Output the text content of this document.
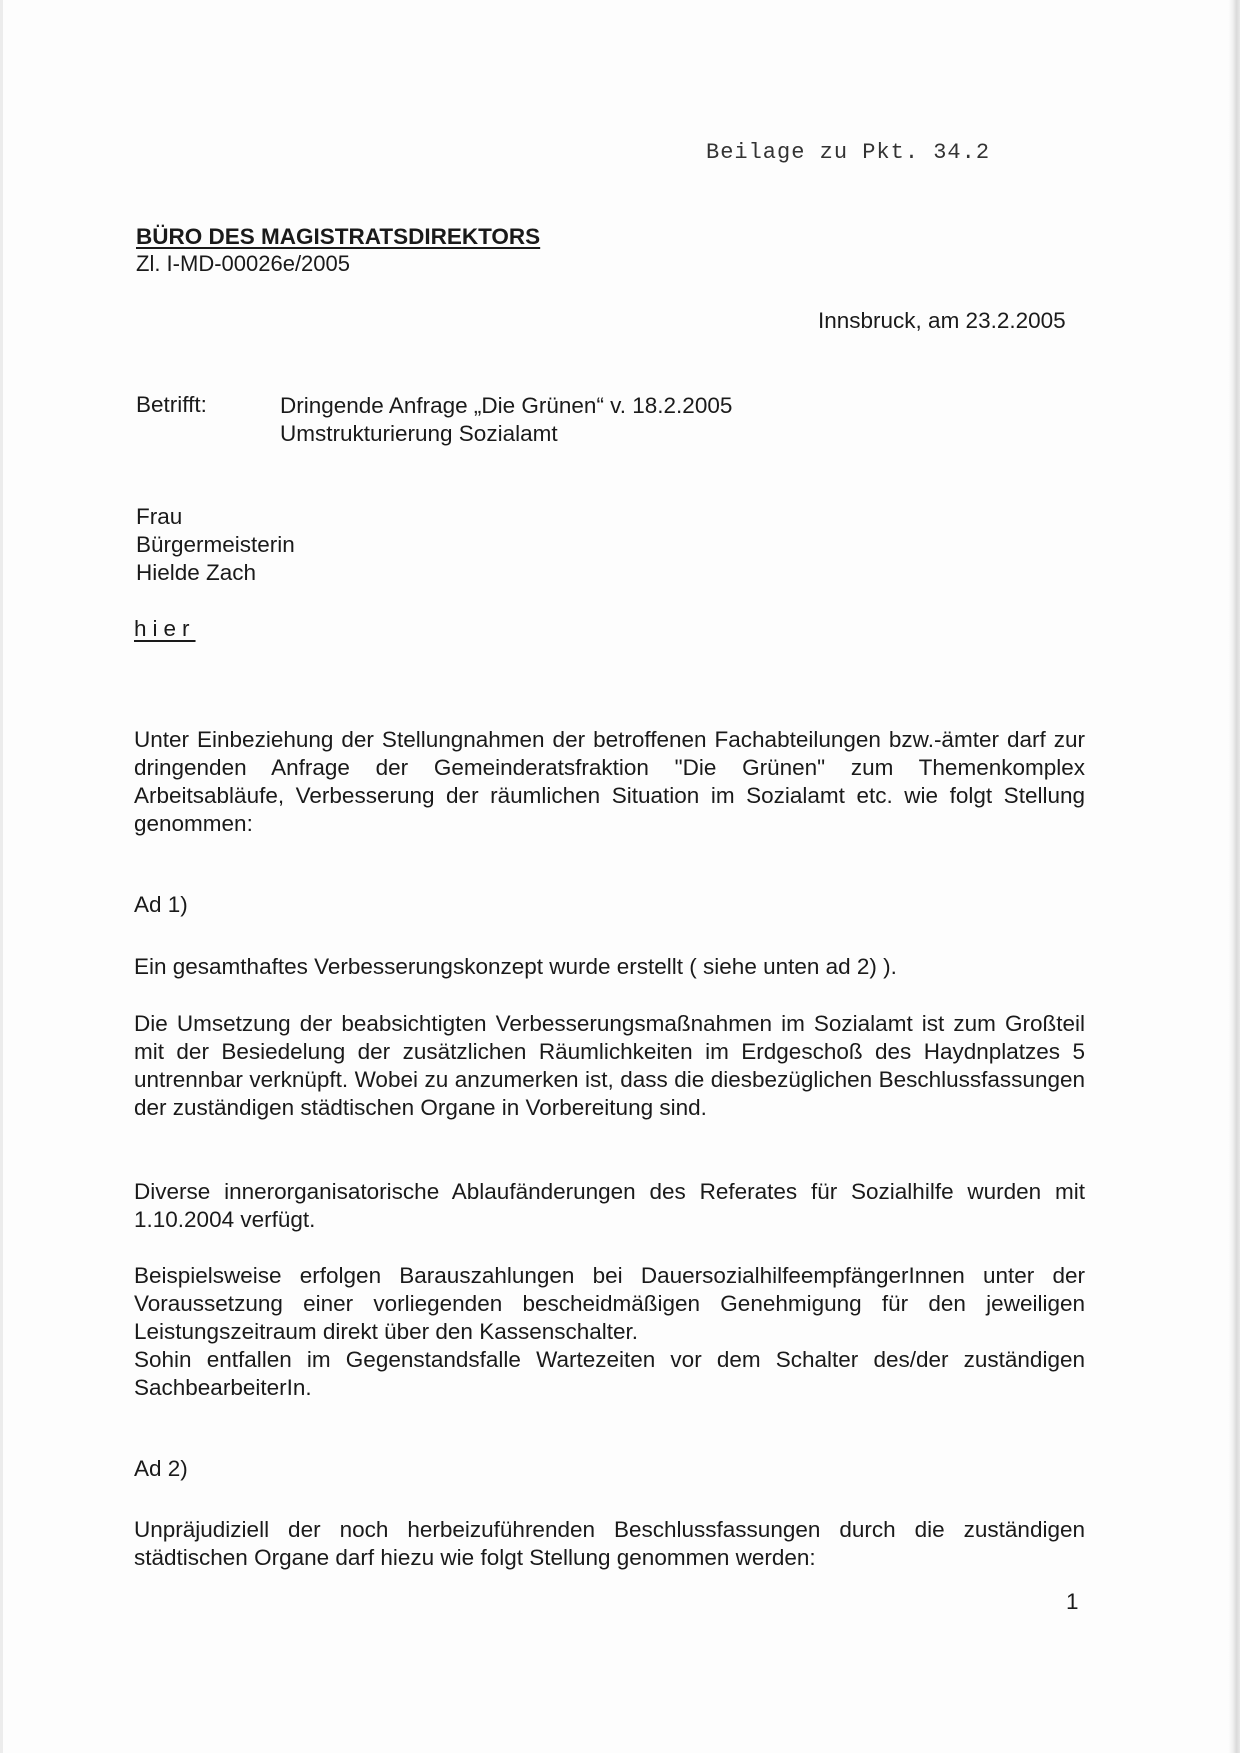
Beilage zu Pkt. 34.2
BÜRO DES MAGISTRATSDIREKTORS
Zl. I-MD-00026e/2005
Innsbruck, am 23.2.2005
Betrifft:	Dringende Anfrage „Die Grünen“ v. 18.2.2005
Umstrukturierung Sozialamt
Frau
Bürgermeisterin
Hielde Zach
hier
Unter Einbeziehung der Stellungnahmen der betroffenen Fachabteilungen bzw.-ämter darf zur dringenden Anfrage der Gemeinderatsfraktion "Die Grünen" zum Themenkomplex Arbeitsabläufe, Verbesserung der räumlichen Situation im Sozialamt etc. wie folgt Stellung genommen:
Ad 1)
Ein gesamthaftes Verbesserungskonzept wurde erstellt ( siehe unten ad 2) ).
Die Umsetzung der beabsichtigten Verbesserungsmaßnahmen im Sozialamt ist zum Großteil mit der Besiedelung der zusätzlichen Räumlichkeiten im Erdgeschoß des Haydnplatzes 5 untrennbar verknüpft. Wobei zu anzumerken ist, dass die diesbezüglichen Beschlussfassungen der zuständigen städtischen Organe in Vorbereitung sind.
Diverse innerorganisatorische Ablaufänderungen des Referates für Sozialhilfe wurden mit 1.10.2004 verfügt.
Beispielsweise erfolgen Barauszahlungen bei DauersozialhilfeempfängerInnen unter der Voraussetzung einer vorliegenden bescheidmäßigen Genehmigung für den jeweiligen Leistungszeitraum direkt über den Kassenschalter.
Sohin entfallen im Gegenstandsfalle Wartezeiten vor dem Schalter des/der zuständigen SachbearbeiterIn.
Ad 2)
Unpräjudiziell der noch herbeizuführenden Beschlussfassungen durch die zuständigen städtischen Organe darf hiezu wie folgt Stellung genommen werden:
1
